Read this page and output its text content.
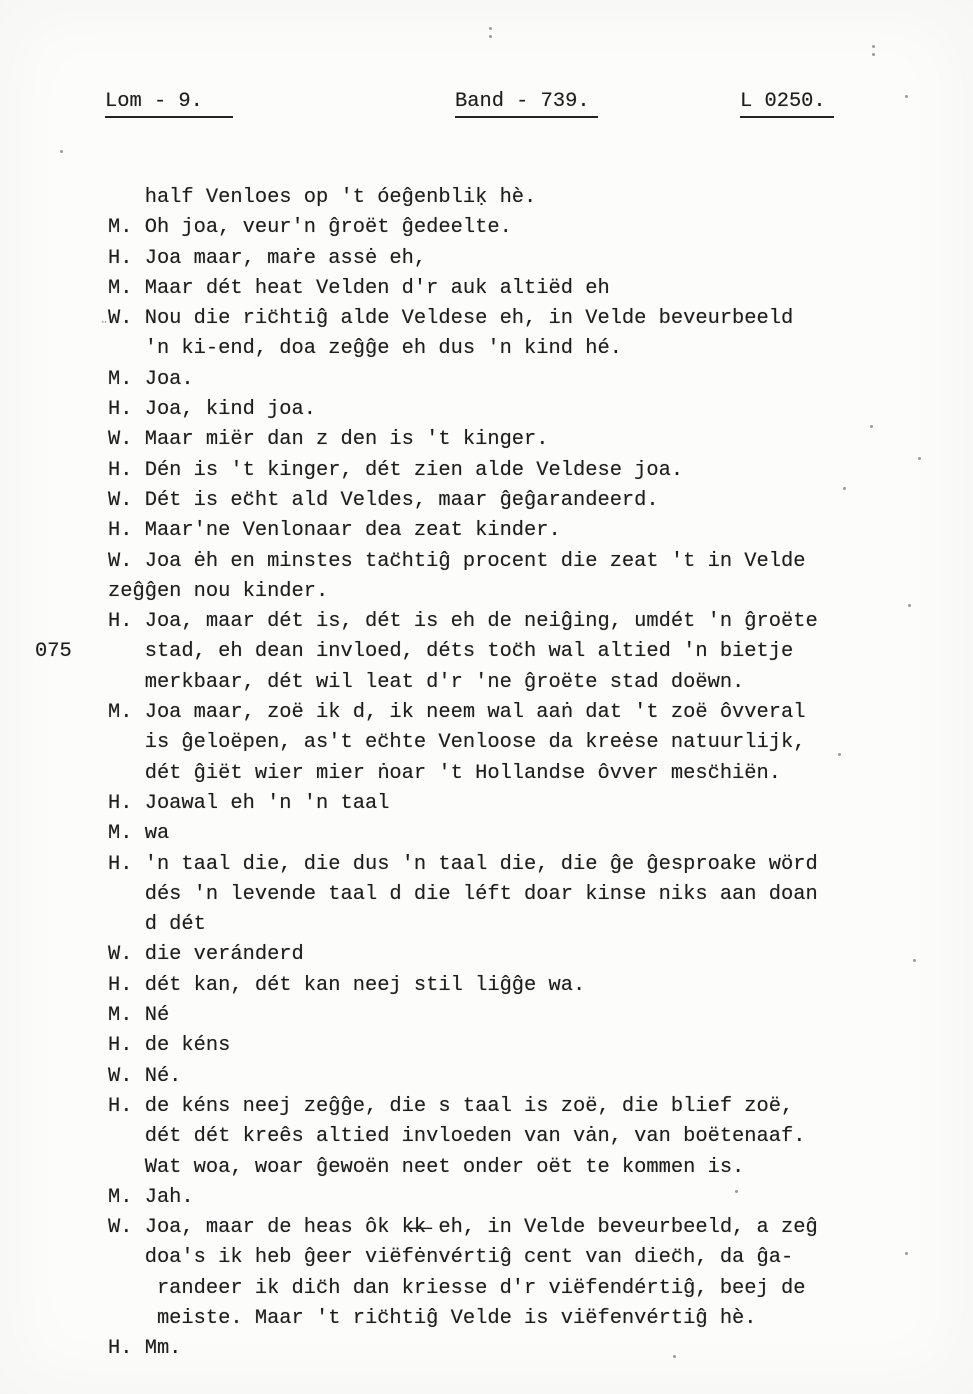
Lom - 9.	Band - 739.	L 0250.
075
¨
half Venloes op 't óeĝenbliḳ hè.
M. Oh joa, veur'n ĝroët ĝedeelte.
H. Joa maar, maṙe assė eh,
M. Maar dét heat Velden d'r auk altiëd eh
W. Nou die ric̈htiĝ alde Veldese eh, in Velde beveurbeeld
'n ki-end, doa zeĝĝe eh dus 'n kind hé.
M. Joa.
H. Joa, kind joa.
W. Maar miër dan z den is 't kinger.
H. Dén is 't kinger, dét zien alde Veldese joa.
W. Dét is ec̈ht ald Veldes, maar ĝeĝarandeerd.
H. Maar'ne Venlonaar dea zeat kinder.
W. Joa ėh en minstes tac̈htiĝ procent die zeat 't in Velde
zeĝĝen nou kinder.
H. Joa, maar dét is, dét is eh de neiĝing, umdét 'n ĝroëte
stad, eh dean invloed, déts toc̈h wal altied 'n bietje
merkbaar, dét wil leat d'r 'ne ĝroëte stad doëwn.
M. Joa maar, zoë ik d, ik neem wal aaṅ dat 't zoë ôvveral
is ĝeloëpen, as't ec̈hte Venloose da kreėse natuurlijk,
dét ĝiët wier mier ṅoar 't Hollandse ôvver mesc̈hiën.
H. Joawal eh 'n 'n taal
M. wa
H. 'n taal die, die dus 'n taal die, die ĝe ĝesproake wörd
dés 'n levende taal d die léft doar kinse niks aan doan
d dét
W. die veránderd
H. dét kan, dét kan neej stil liĝĝe wa.
M. Né
H. de kéns
W. Né.
H. de kéns neej zeĝĝe, die s taal is zoë, die blief zoë,
dét dét kreês altied invloeden van vȧn, van boëtenaaf.
Wat woa, woar ĝewoën neet onder oët te kommen is.
M. Jah.
W. Joa, maar de heas ôk k̶k̶ eh, in Velde beveurbeeld, a zeĝ
doa's ik heb ĝeer viëfėnvértiĝ cent van diec̈h, da ĝa-
randeer ik dic̈h dan kriesse d'r viëfendértiĝ, beej de
meiste. Maar 't ric̈htiĝ Velde is viëfenvértiĝ hè.
H. Mm.
